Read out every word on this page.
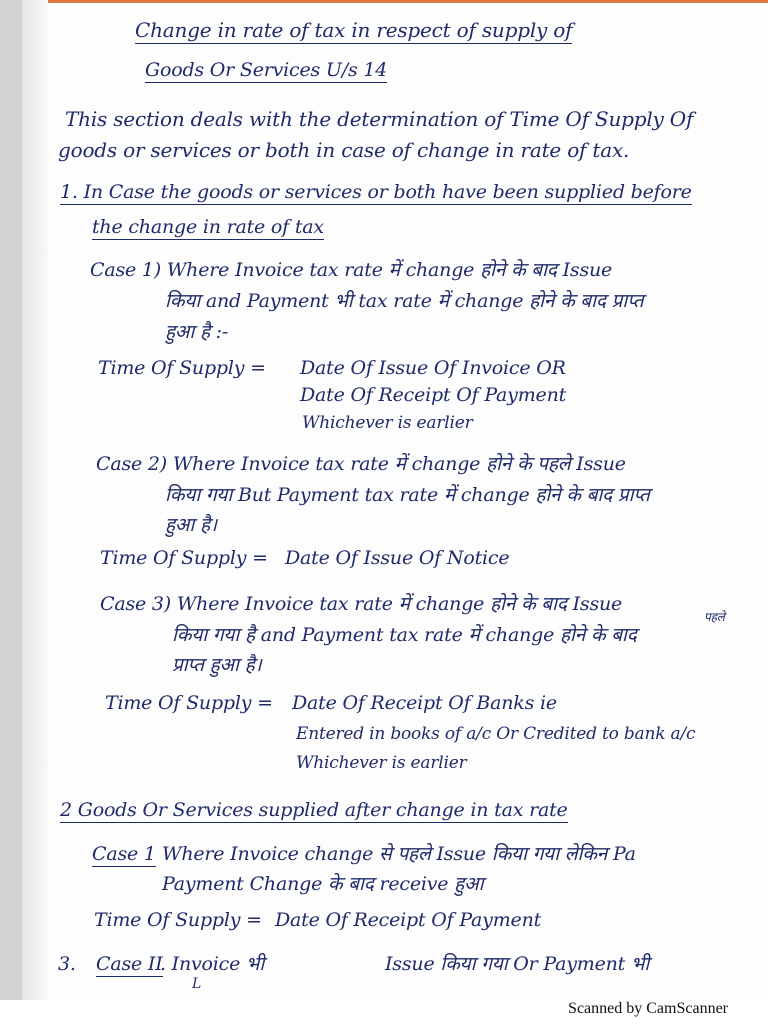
Change in rate of tax in respect of supply of
Goods Or Services U/s 14
This section deals with the determination of Time Of Supply Of
goods or services or both in case of change in rate of tax.
1. In Case the goods or services or both have been supplied before
the change in rate of tax
Case 1) Where Invoice tax rate में change होने के बाद Issue
किया and Payment भी tax rate में change होने के बाद प्राप्त
हुआ है :-
Time Of Supply = Date Of Issue Of Invoice OR
Date Of Receipt Of Payment
Whichever is earlier
Case 2) Where Invoice tax rate में change होने के पहले Issue
किया गया But Payment tax rate में change होने के बाद प्राप्त
हुआ है।
Time Of Supply = Date Of Issue Of Notice
Case 3) Where Invoice tax rate में change होने के बाद Issue
पहले
किया गया है and Payment tax rate में change होने के बाद
प्राप्त हुआ है।
Time Of Supply = Date Of Receipt Of Banks ie
Entered in books of a/c Or Credited to bank a/c
Whichever is earlier
2 Goods Or Services supplied after change in tax rate
Case 1 Where Invoice change से पहले Issue किया गया लेकिन Pa
Payment Change के बाद receive हुआ
Time Of Supply = Date Of Receipt Of Payment
3. Case II
. Invoice भी	Issue किया गया Or Payment भी
L
Scanned by CamScanner
